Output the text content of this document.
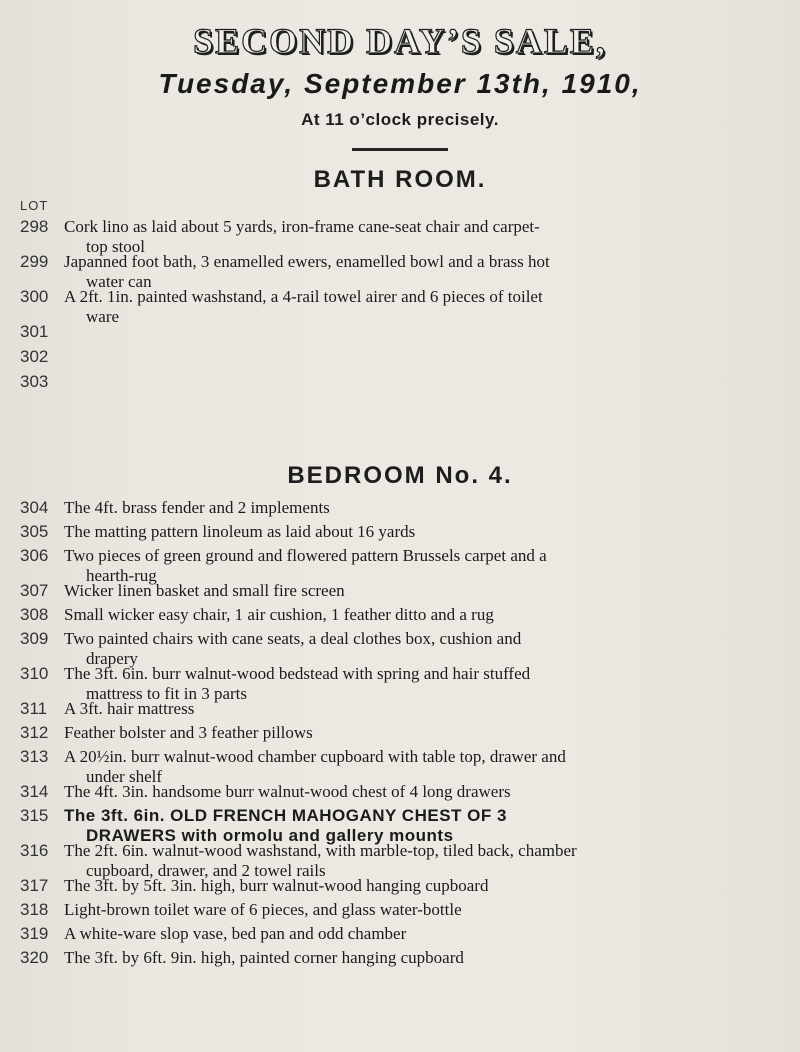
SECOND DAY’S SALE,
Tuesday, September 13th, 1910,
At 11 o’clock precisely.
BATH ROOM.
LOT
BEDROOM No. 4.
298 Cork lino as laid about 5 yards, iron-frame cane-seat chair and carpet-
top stool
299 Japanned foot bath, 3 enamelled ewers, enamelled bowl and a brass hot
water can
300 A 2ft. 1in. painted washstand, a 4-rail towel airer and 6 pieces of toilet
ware
301
302
303
304 The 4ft. brass fender and 2 implements
305 The matting pattern linoleum as laid about 16 yards
306 Two pieces of green ground and flowered pattern Brussels carpet and a
hearth-rug
307 Wicker linen basket and small fire screen
308 Small wicker easy chair, 1 air cushion, 1 feather ditto and a rug
309 Two painted chairs with cane seats, a deal clothes box, cushion and
drapery
310 The 3ft. 6in. burr walnut-wood bedstead with spring and hair stuffed
mattress to fit in 3 parts
311 A 3ft. hair mattress
312 Feather bolster and 3 feather pillows
313 A 20½in. burr walnut-wood chamber cupboard with table top, drawer and
under shelf
314 The 4ft. 3in. handsome burr walnut-wood chest of 4 long drawers
315 The 3ft. 6in. OLD FRENCH MAHOGANY CHEST OF 3
DRAWERS with ormolu and gallery mounts
316 The 2ft. 6in. walnut-wood washstand, with marble-top, tiled back, chamber
cupboard, drawer, and 2 towel rails
317 The 3ft. by 5ft. 3in. high, burr walnut-wood hanging cupboard
318 Light-brown toilet ware of 6 pieces, and glass water-bottle
319 A white-ware slop vase, bed pan and odd chamber
320 The 3ft. by 6ft. 9in. high, painted corner hanging cupboard
